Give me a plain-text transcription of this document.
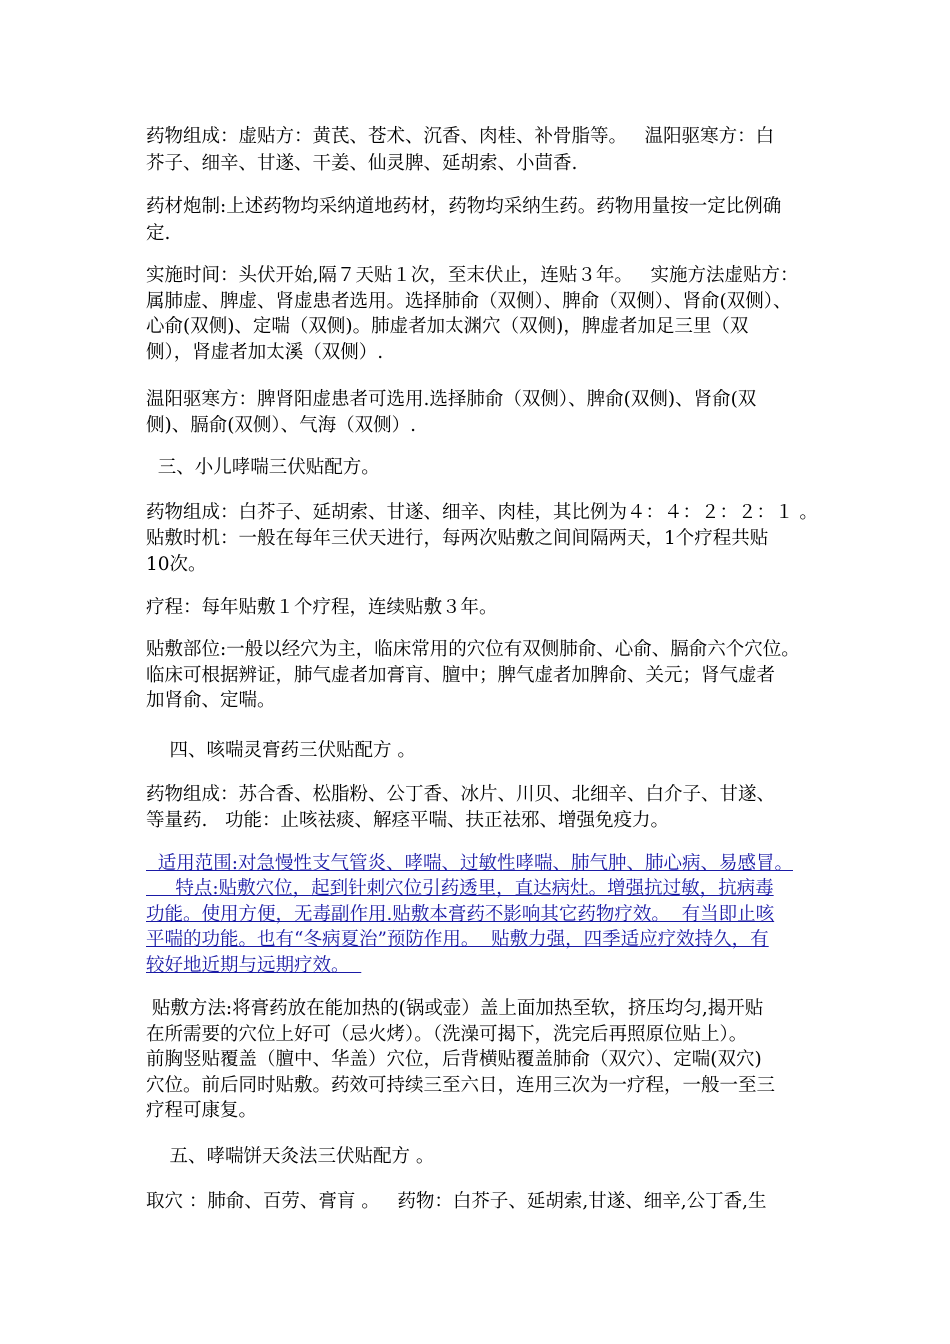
药物组成：虚贴方：黄芪、苍术、沉香、肉桂、补骨脂等。   温阳驱寒方：白
芥子、细辛、甘遂、干姜、仙灵脾、延胡索、小茴香.
药材炮制:上述药物均采纳道地药材，药物均采纳生药。药物用量按一定比例确
定.
实施时间：头伏开始,隔７天贴１次，至末伏止，连贴３年。   实施方法虚贴方：
属肺虚、脾虚、肾虚患者选用。选择肺俞（双侧）、脾俞（双侧）、肾俞(双侧）、
心俞(双侧)、定喘（双侧)。肺虚者加太渊穴（双侧)，脾虚者加足三里（双
侧），肾虚者加太溪（双侧）.
温阳驱寒方：脾肾阳虚患者可选用.选择肺俞（双侧）、脾俞(双侧)、肾俞(双
侧)、膈俞(双侧）、气海（双侧）.
三、小儿哮喘三伏贴配方。
药物组成：白芥子、延胡索、甘遂、细辛、肉桂，其比例为４：４：２：２：１ 。
贴敷时机：一般在每年三伏天进行，每两次贴敷之间间隔两天，1个疗程共贴
10次。
疗程：每年贴敷１个疗程，连续贴敷３年。
贴敷部位:一般以经穴为主，临床常用的穴位有双侧肺俞、心俞、膈俞六个穴位。
临床可根据辨证，肺气虚者加膏肓、膻中；脾气虚者加脾俞、关元；肾气虚者
加肾俞、定喘。
四、咳喘灵膏药三伏贴配方 。
药物组成：苏合香、松脂粉、公丁香、冰片、川贝、北细辛、白介子、甘遂、
等量药.   功能：止咳祛痰、解痉平喘、扶正祛邪、增强免疫力。
适用范围:对急慢性支气管炎、哮喘、过敏性哮喘、肺气肿、肺心病、易感冒。
特点:贴敷穴位，起到针刺穴位引药透里，直达病灶。增强抗过敏，抗病毒
功能。使用方便，无毒副作用.贴敷本膏药不影响其它药物疗效。  有当即止咳
平喘的功能。也有“冬病夏治”预防作用。  贴敷力强，四季适应疗效持久，有
较好地近期与远期疗效。
贴敷方法:将膏药放在能加热的(锅或壶）盖上面加热至软，挤压均匀,揭开贴
在所需要的穴位上好可（忌火烤）。（洗澡可揭下，洗完后再照原位贴上）。
前胸竖贴覆盖（膻中、华盖）穴位，后背横贴覆盖肺俞（双穴）、定喘(双穴)
穴位。前后同时贴敷。药效可持续三至六日，连用三次为一疗程，一般一至三
疗程可康复。
五、哮喘饼天灸法三伏贴配方 。
取穴 ：肺俞、百劳、膏肓 。   药物：白芥子、延胡索,甘遂、细辛,公丁香,生
